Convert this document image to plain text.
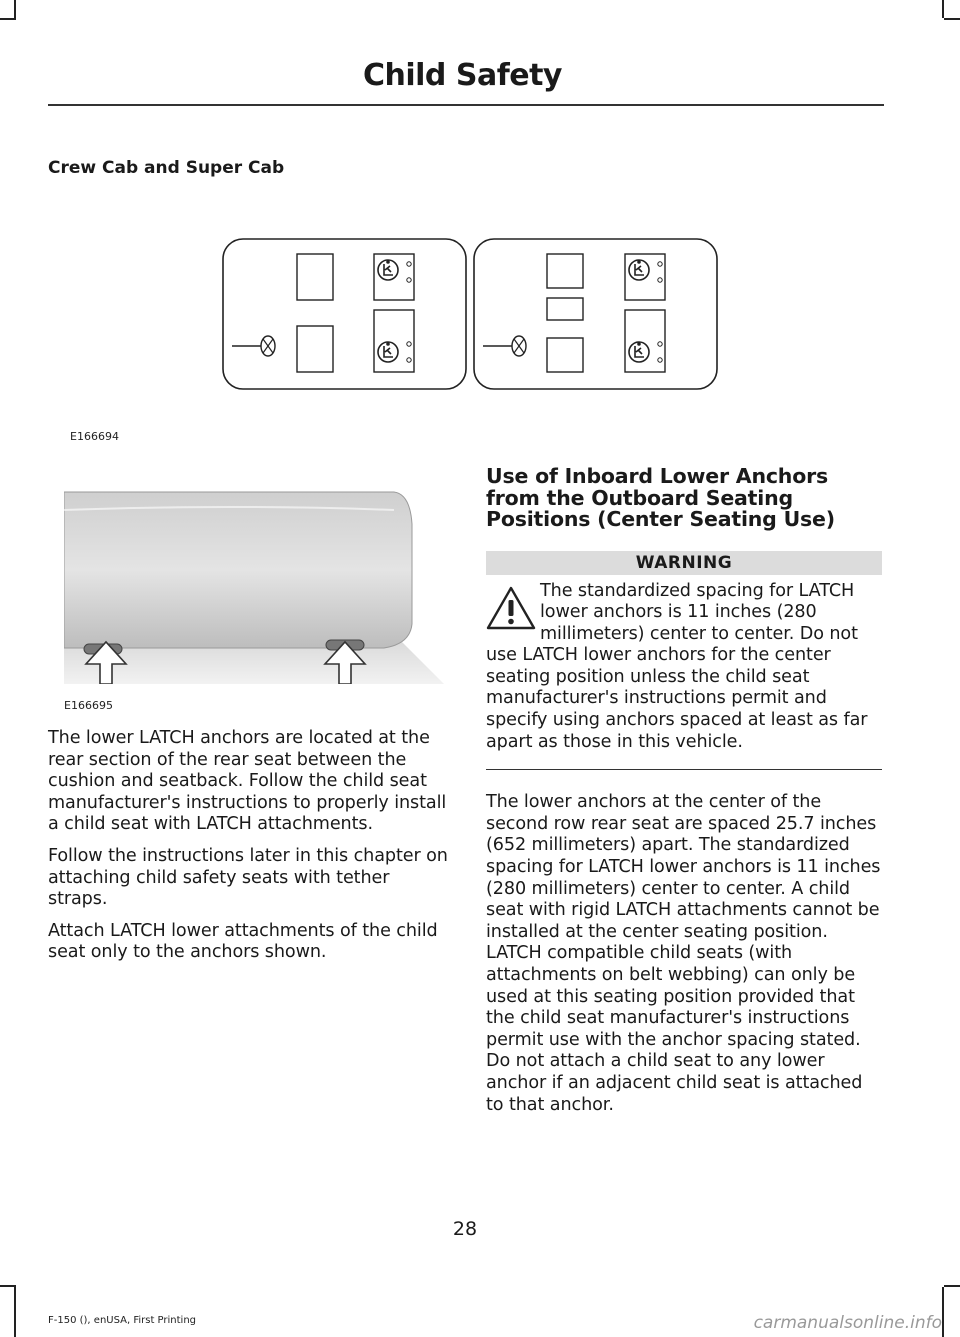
Child Safety
Crew Cab and Super Cab
E166694
E166695

The lower LATCH anchors are located at the rear section of the rear seat between the cushion and seatback. Follow the child seat manufacturer's instructions to properly install a child seat with LATCH attachments.

Follow the instructions later in this chapter on attaching child safety seats with tether straps.

Attach LATCH lower attachments of the child seat only to the anchors shown.

Use of Inboard Lower Anchors from the Outboard Seating Positions (Center Seating Use)
WARNING
The standardized spacing for LATCH lower anchors is 11 inches (280 millimeters) center to center. Do not use LATCH lower anchors for the center seating position unless the child seat manufacturer's instructions permit and specify using anchors spaced at least as far apart as those in this vehicle.

The lower anchors at the center of the second row rear seat are spaced 25.7 inches (652 millimeters) apart. The standardized spacing for LATCH lower anchors is 11 inches (280 millimeters) center to center. A child seat with rigid LATCH attachments cannot be installed at the center seating position. LATCH compatible child seats (with attachments on belt webbing) can only be used at this seating position provided that the child seat manufacturer's instructions permit use with the anchor spacing stated. Do not attach a child seat to any lower anchor if an adjacent child seat is attached to that anchor.

28
F-150 (), enUSA, First Printing	carmanualsonline.info
